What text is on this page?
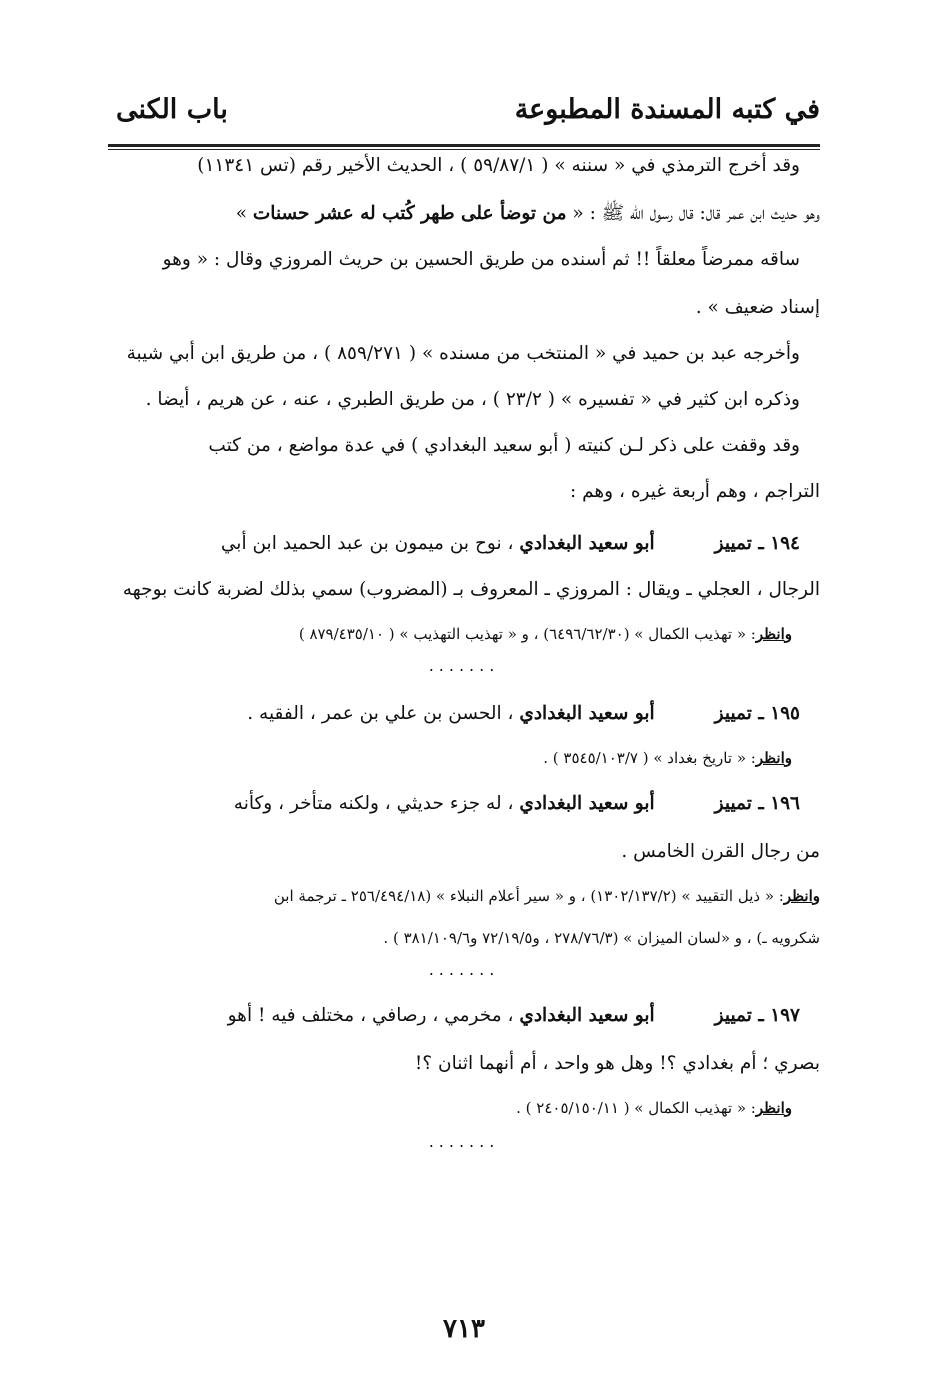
في كتبه المسندة المطبوعة
باب الكنى
وقد أخرج الترمذي في « سننه » ( ٥٩/٨٧/١ ) ، الحديث الأخير رقم (تس ١١٣٤١)
وهو حديث ابن عمر قال: قال رسول الله ﷺ : « من توضأ على طهر كُتب له عشر حسنات »
ساقه ممرضاً معلقاً !! ثم أسنده من طريق الحسين بن حريث المروزي وقال : « وهو
إسناد ضعيف » .
وأخرجه عبد بن حميد في « المنتخب من مسنده » ( ٨٥٩/٢٧١ ) ، من طريق ابن أبي شيبة
وذكره ابن كثير في « تفسيره » ( ٢٣/٢ ) ، من طريق الطبري ، عنه ، عن هريم ، أيضا .
وقد وقفت على ذكر لـن كنيته ( أبو سعيد البغدادي ) في عدة مواضع ، من كتب
التراجم ، وهم أربعة غيره ، وهم :
١٩٤ ـ تمييزأبو سعيد البغدادي ، نوح بن ميمون بن عبد الحميد ابن أبي
الرجال ، العجلي ـ ويقال : المروزي ـ المعروف بـ (المضروب) سمي بذلك لضربة كانت بوجهه
وانظر: « تهذيب الكمال » (٦٤٩٦/٦٢/٣٠) ، و « تهذيب التهذيب » ( ٨٧٩/٤٣٥/١٠ )
.......
١٩٥ ـ تمييزأبو سعيد البغدادي ، الحسن بن علي بن عمر ، الفقيه .
وانظر: « تاريخ بغداد » ( ٣٥٤٥/١٠٣/٧ ) .
١٩٦ ـ تمييزأبو سعيد البغدادي ، له جزء حديثي ، ولكنه متأخر ، وكأنه
من رجال القرن الخامس .
وانظر: « ذيل التقييد » (١٣٠٢/١٣٧/٢) ، و « سير أعلام النبلاء » (٢٥٦/٤٩٤/١٨ ـ ترجمة ابن
شكرويه ـ) ، و «لسان الميزان » (٢٧٨/٧٦/٣ ، و٧٢/١٩/٥ و٣٨١/١٠٩/٦ ) .
.......
١٩٧ ـ تمييزأبو سعيد البغدادي ، مخرمي ، رصافي ، مختلف فيه ! أهو
بصري ؛ أم بغدادي ؟! وهل هو واحد ، أم أنهما اثنان ؟!
وانظر: « تهذيب الكمال » ( ٢٤٠٥/١٥٠/١١ ) .
.......
٧١٣
